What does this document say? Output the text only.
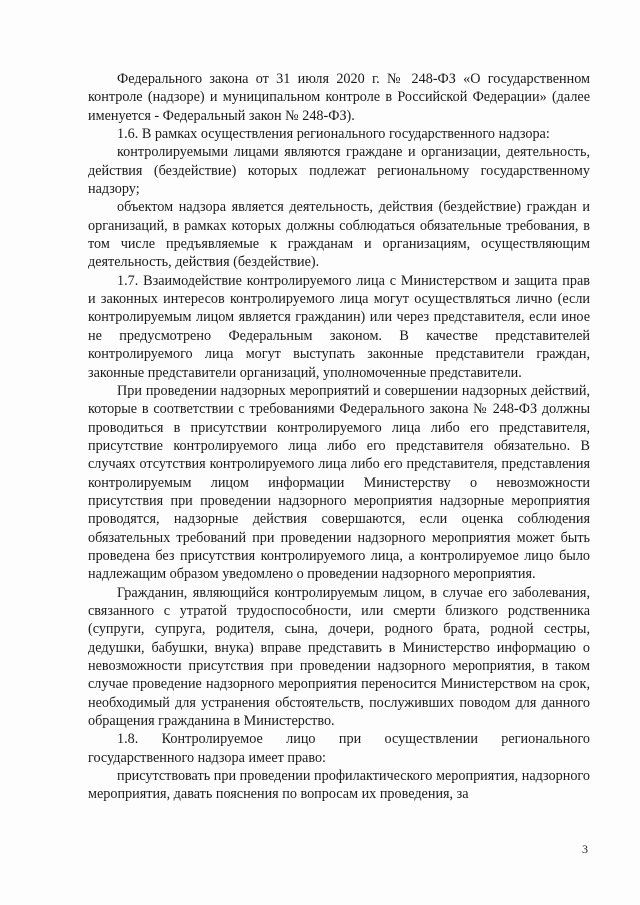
Федерального закона от 31 июля 2020 г. № 248-ФЗ «О государственном контроле (надзоре) и муниципальном контроле в Российской Федерации» (далее именуется - Федеральный закон № 248-ФЗ).

1.6. В рамках осуществления регионального государственного надзора:

контролируемыми лицами являются граждане и организации, деятельность, действия (бездействие) которых подлежат региональному государственному надзору;

объектом надзора является деятельность, действия (бездействие) граждан и организаций, в рамках которых должны соблюдаться обязательные требования, в том числе предъявляемые к гражданам и организациям, осуществляющим деятельность, действия (бездействие).

1.7. Взаимодействие контролируемого лица с Министерством и защита прав и законных интересов контролируемого лица могут осуществляться лично (если контролируемым лицом является гражданин) или через представителя, если иное не предусмотрено Федеральным законом. В качестве представителей контролируемого лица могут выступать законные представители граждан, законные представители организаций, уполномоченные представители.

При проведении надзорных мероприятий и совершении надзорных действий, которые в соответствии с требованиями Федерального закона № 248-ФЗ должны проводиться в присутствии контролируемого лица либо его представителя, присутствие контролируемого лица либо его представителя обязательно. В случаях отсутствия контролируемого лица либо его представителя, представления контролируемым лицом информации Министерству о невозможности присутствия при проведении надзорного мероприятия надзорные мероприятия проводятся, надзорные действия совершаются, если оценка соблюдения обязательных требований при проведении надзорного мероприятия может быть проведена без присутствия контролируемого лица, а контролируемое лицо было надлежащим образом уведомлено о проведении надзорного мероприятия.

Гражданин, являющийся контролируемым лицом, в случае его заболевания, связанного с утратой трудоспособности, или смерти близкого родственника (супруги, супруга, родителя, сына, дочери, родного брата, родной сестры, дедушки, бабушки, внука) вправе представить в Министерство информацию о невозможности присутствия при проведении надзорного мероприятия, в таком случае проведение надзорного мероприятия переносится Министерством на срок, необходимый для устранения обстоятельств, послуживших поводом для данного обращения гражданина в Министерство.

1.8. Контролируемое лицо при осуществлении регионального государственного надзора имеет право:

присутствовать при проведении профилактического мероприятия, надзорного мероприятия, давать пояснения по вопросам их проведения, за

3
